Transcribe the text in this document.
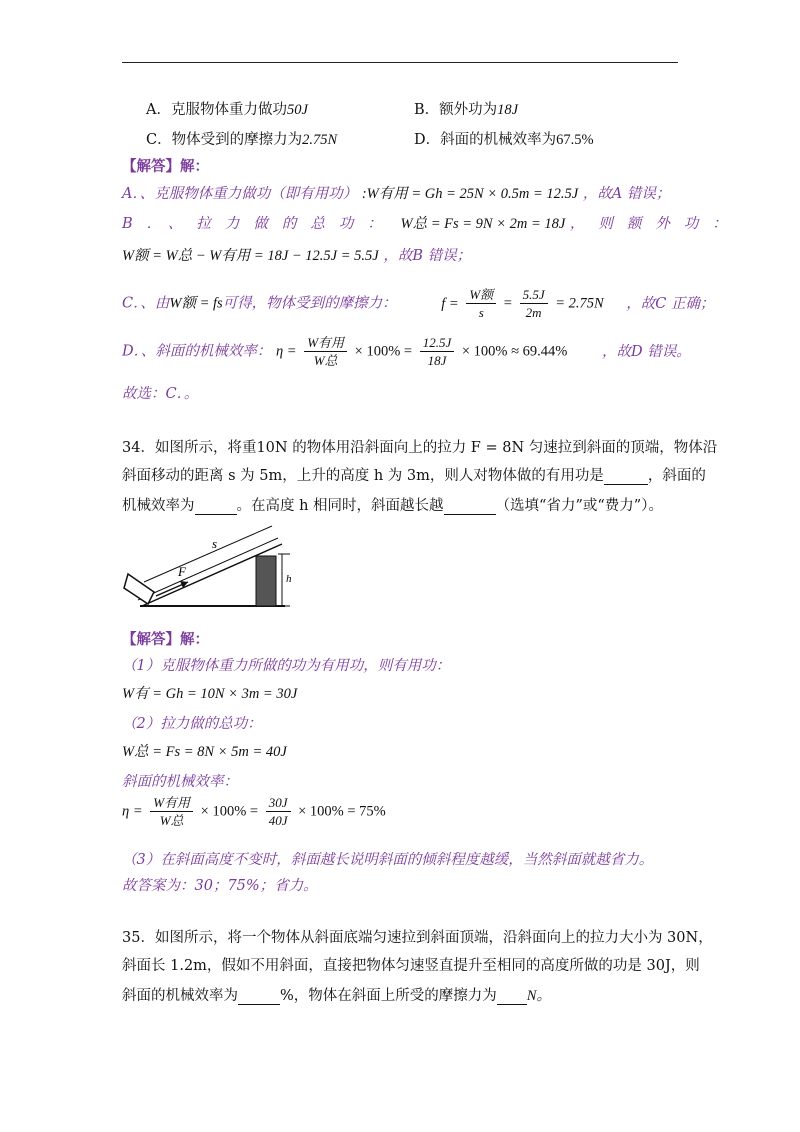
A．克服物体重力做功50J	B．额外功为18J
C．物体受到的摩擦力为2.75N	D．斜面的机械效率为67.5%
【解答】解：
A．、克服物体重力做功（即有用功） :W有用 = Gh = 25N × 0.5m = 12.5J ，故A 错误；
B．、拉力做的总功： W总 = Fs = 9N × 2m = 18J ，则额外功：
W额 = W总 − W有用 = 18J − 12.5J = 5.5J ，故B 错误；
C．、由W额 = fs可得，物体受到的摩擦力：	$f = \frac{\text{W额}}{s} = \frac{5.5J}{2m} = 2.75N$ ，故C 正确；
D．、斜面的机械效率： $\eta = \frac{\text{W有用}}{\text{W总}} \times 100\% = \frac{12.5J}{18J} \times 100\% \approx 69.44\%$ ，故D 错误。
故选：C．。
34．如图所示，将重10N 的物体用沿斜面向上的拉力 F = 8N 匀速拉到斜面的顶端，物体沿
斜面移动的距离 s 为 5m，上升的高度 h 为 3m，则人对物体做的有用功是	，斜面的
机械效率为	。在高度 h 相同时，斜面越长越	（选填“省力”或“费力”）。
s
F	h
【解答】解：
（1）克服物体重力所做的功为有用功，则有用功：
W有 = Gh = 10N × 3m = 30J
（2）拉力做的总功：
W总 = Fs = 8N × 5m = 40J
斜面的机械效率：
$\eta = \frac{\text{W有用}}{\text{W总}} \times 100\% = \frac{30J}{40J} \times 100\% = 75\%$
（3）在斜面高度不变时，斜面越长说明斜面的倾斜程度越缓，当然斜面就越省力。
故答案为：30；75%；省力。
35．如图所示，将一个物体从斜面底端匀速拉到斜面顶端，沿斜面向上的拉力大小为 30N，
斜面长 1.2m，假如不用斜面，直接把物体匀速竖直提升至相同的高度所做的功是 30J，则
斜面的机械效率为	%，物体在斜面上所受的摩擦力为 N。
